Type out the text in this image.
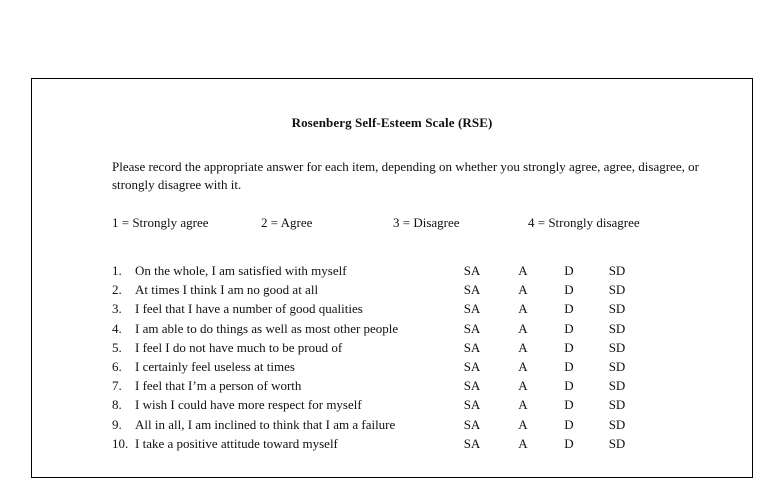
Rosenberg Self-Esteem Scale (RSE)
Please record the appropriate answer for each item, depending on whether you strongly agree, agree, disagree, or strongly disagree with it.
1 = Strongly agree	2 = Agree	3 = Disagree	4 = Strongly disagree
1.	On the whole, I am satisfied with myself	SA	A	D	SD
2.	At times I think I am no good at all	SA	A	D	SD
3.	I feel that I have a number of good qualities	SA	A	D	SD
4.	I am able to do things as well as most other people	SA	A	D	SD
5.	I feel I do not have much to be proud of	SA	A	D	SD
6.	I certainly feel useless at times	SA	A	D	SD
7.	I feel that I’m a person of worth	SA	A	D	SD
8.	I wish I could have more respect for myself	SA	A	D	SD
9.	All in all, I am inclined to think that I am a failure	SA	A	D	SD
10. I take a positive attitude toward myself	SA	A	D	SD
